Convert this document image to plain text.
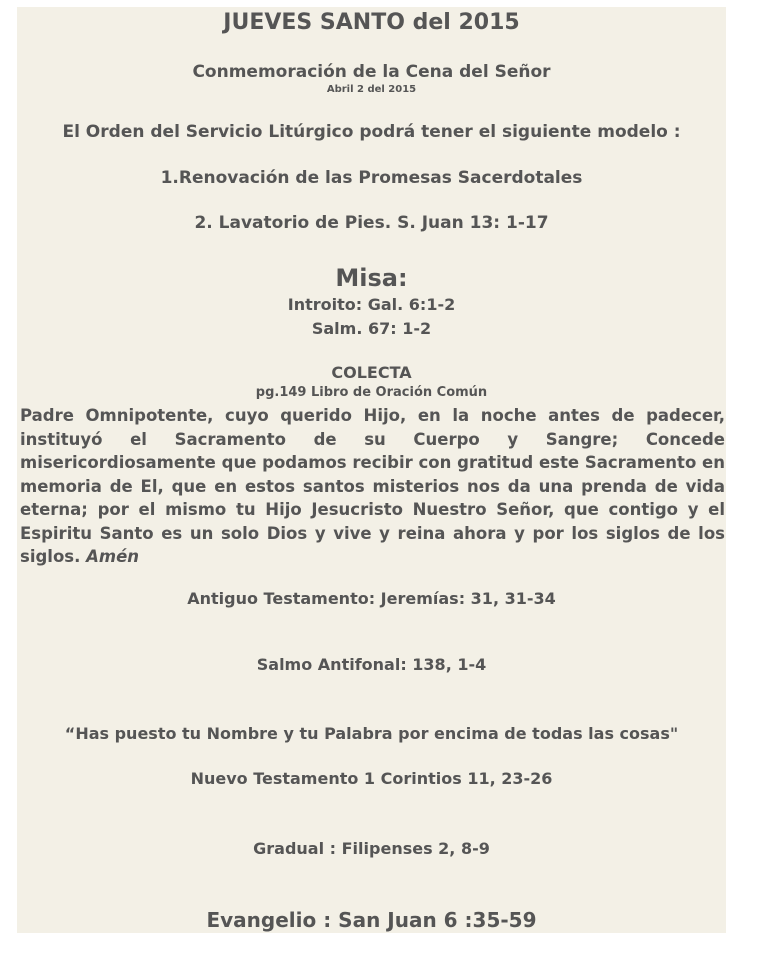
JUEVES SANTO del 2015
Conmemoración de la Cena del Señor
Abril 2 del 2015
El Orden del Servicio Litúrgico podrá tener el siguiente modelo :
1.Renovación de las Promesas Sacerdotales
2. Lavatorio de Pies. S. Juan 13: 1-17
Misa:
Introito: Gal. 6:1-2
Salm. 67: 1-2
COLECTA
pg.149 Libro de Oración Común
Padre Omnipotente, cuyo querido Hijo, en la noche antes de padecer, instituyó el Sacramento de su Cuerpo y Sangre; Concede misericordiosamente que podamos recibir con gratitud este Sacramento en memoria de El, que en estos santos misterios nos da una prenda de vida eterna; por el mismo tu Hijo Jesucristo Nuestro Señor, que contigo y el Espiritu Santo es un solo Dios y vive y reina ahora y por los siglos de los siglos. Amén
Antiguo Testamento: Jeremías: 31, 31-34
Salmo Antifonal: 138, 1-4
“Has puesto tu Nombre y tu Palabra por encima de todas las cosas"
Nuevo Testamento 1 Corintios 11, 23-26
Gradual : Filipenses 2, 8-9
Evangelio : San Juan 6 :35-59
